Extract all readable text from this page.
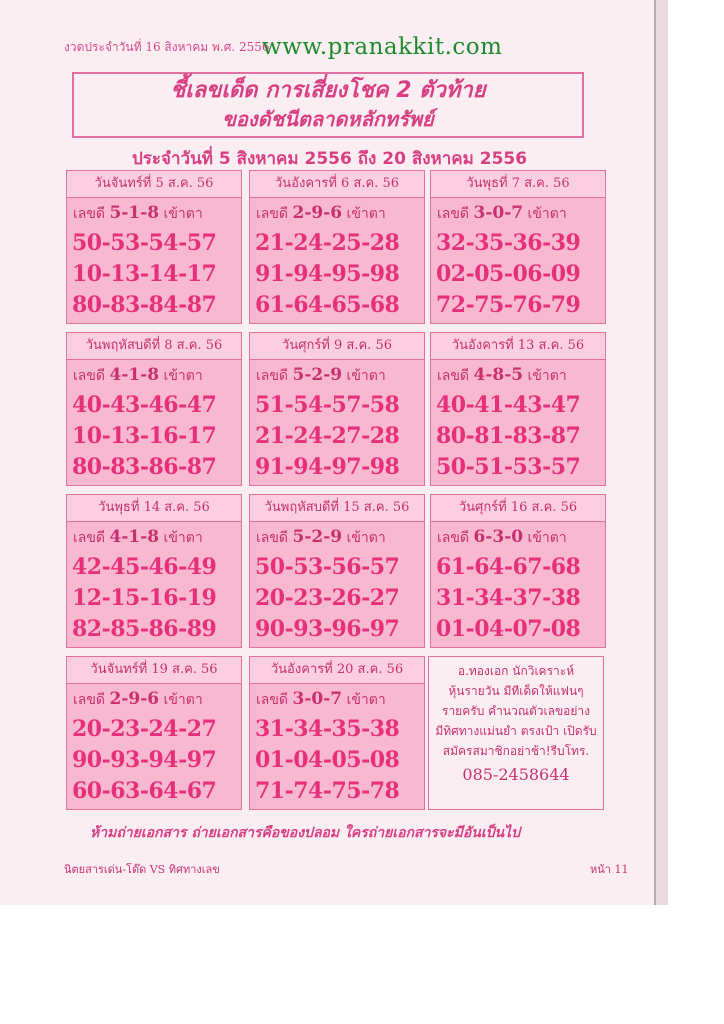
งวดประจำวันที่ 16 สิงหาคม พ.ศ. 2556
www.pranakkit.com
ชี้เลขเด็ด การเสี่ยงโชค 2 ตัวท้าย
ของดัชนีตลาดหลักทรัพย์
ประจำวันที่ 5 สิงหาคม 2556 ถึง 20 สิงหาคม 2556
วันจันทร์ที่ 5 ส.ค. 56
เลขดี 5-1-8 เข้าตา
50-53-54-57
10-13-14-17
80-83-84-87
วันอังคารที่ 6 ส.ค. 56
เลขดี 2-9-6 เข้าตา
21-24-25-28
91-94-95-98
61-64-65-68
วันพุธที่ 7 ส.ค. 56
เลขดี 3-0-7 เข้าตา
32-35-36-39
02-05-06-09
72-75-76-79
วันพฤหัสบดีที่ 8 ส.ค. 56
เลขดี 4-1-8 เข้าตา
40-43-46-47
10-13-16-17
80-83-86-87
วันศุกร์ที่ 9 ส.ค. 56
เลขดี 5-2-9 เข้าตา
51-54-57-58
21-24-27-28
91-94-97-98
วันอังคารที่ 13 ส.ค. 56
เลขดี 4-8-5 เข้าตา
40-41-43-47
80-81-83-87
50-51-53-57
วันพุธที่ 14 ส.ค. 56
เลขดี 4-1-8 เข้าตา
42-45-46-49
12-15-16-19
82-85-86-89
วันพฤหัสบดีที่ 15 ส.ค. 56
เลขดี 5-2-9 เข้าตา
50-53-56-57
20-23-26-27
90-93-96-97
วันศุกร์ที่ 16 ส.ค. 56
เลขดี 6-3-0 เข้าตา
61-64-67-68
31-34-37-38
01-04-07-08
วันจันทร์ที่ 19 ส.ค. 56
เลขดี 2-9-6 เข้าตา
20-23-24-27
90-93-94-97
60-63-64-67
วันอังคารที่ 20 ส.ค. 56
เลขดี 3-0-7 เข้าตา
31-34-35-38
01-04-05-08
71-74-75-78
อ.ทองเอก นักวิเคราะห์
หุ้นรายวัน มีทีเด็ดให้แฟนๆ
รายครับ คำนวณตัวเลขอย่าง
มีทิศทางแม่นยำ ตรงเป้า เปิดรับ
สมัครสมาชิกอย่าช้า!รีบโทร.
085-2458644
ห้ามถ่ายเอกสาร ถ่ายเอกสารคือของปลอม ใครถ่ายเอกสารจะมีอันเป็นไป
นิตยสารเด่น-โด๊ด VS ทิศทางเลข	หน้า 11
